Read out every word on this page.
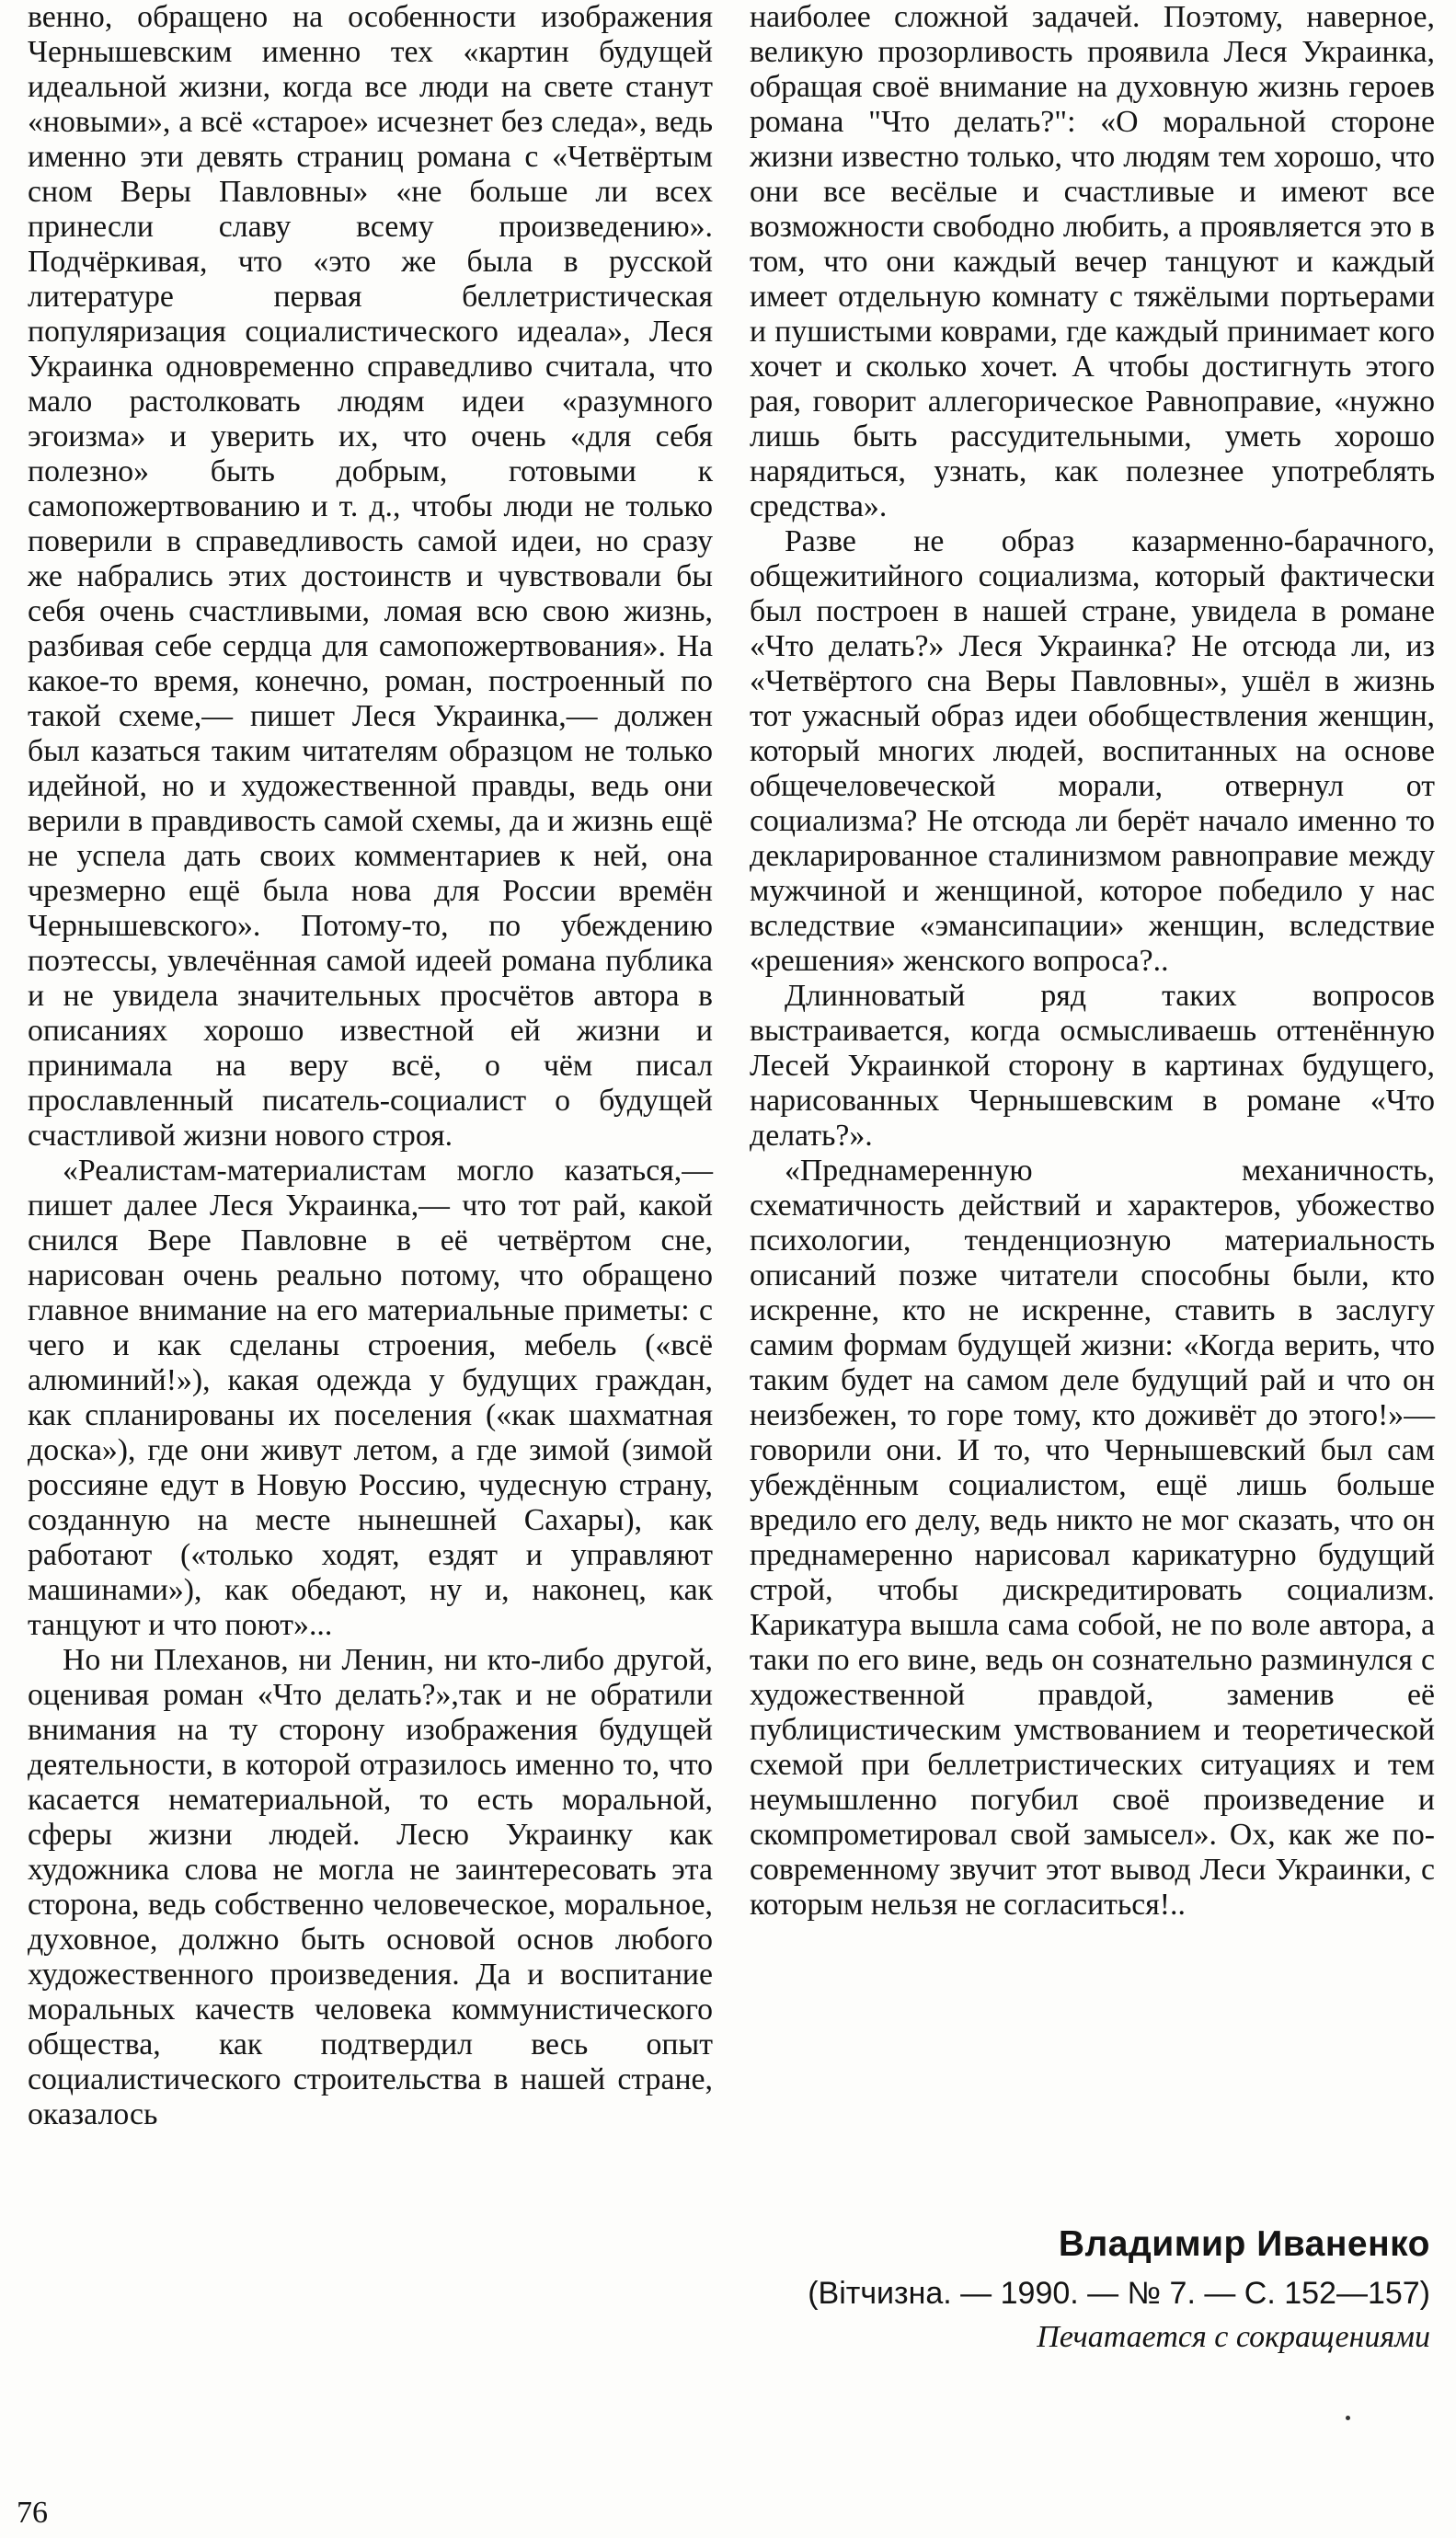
венно, обращено на особенности изображения Чернышевским именно тех «картин будущей идеальной жизни, когда все люди на свете станут «новыми», а всё «старое» исчезнет без следа», ведь именно эти девять страниц романа с «Четвёртым сном Веры Павловны» «не больше ли всех принесли славу всему произведению». Подчёркивая, что «это же была в русской литературе первая беллетристическая популяризация социалистического идеала», Леся Украинка одновременно справедливо считала, что мало растолковать людям идеи «разумного эгоизма» и уверить их, что очень «для себя полезно» быть добрым, готовыми к самопожертвованию и т. д., чтобы люди не только поверили в справедливость самой идеи, но сразу же набрались этих достоинств и чувствовали бы себя очень счастливыми, ломая всю свою жизнь, разбивая себе сердца для самопожертвования». На какое-то время, конечно, роман, построенный по такой схеме,— пишет Леся Украинка,— должен был казаться таким читателям образцом не только идейной, но и художественной правды, ведь они верили в правдивость самой схемы, да и жизнь ещё не успела дать своих комментариев к ней, она чрезмерно ещё была нова для России времён Чернышевского». Потому-то, по убеждению поэтессы, увлечённая самой идеей романа публика и не увидела значительных просчётов автора в описаниях хорошо известной ей жизни и принимала на веру всё, о чём писал прославленный писатель-социалист о будущей счастливой жизни нового строя.

«Реалистам-материалистам могло казаться,— пишет далее Леся Украинка,— что тот рай, какой снился Вере Павловне в её четвёртом сне, нарисован очень реально потому, что обращено главное внимание на его материальные приметы: с чего и как сделаны строения, мебель («всё алюминий!»), какая одежда у будущих граждан, как спланированы их поселения («как шахматная доска»), где они живут летом, а где зимой (зимой россияне едут в Новую Россию, чудесную страну, созданную на месте нынешней Сахары), как работают («только ходят, ездят и управляют машинами»), как обедают, ну и, наконец, как танцуют и что поют»...

Но ни Плеханов, ни Ленин, ни кто-либо другой, оценивая роман «Что делать?»,так и не обратили внимания на ту сторону изображения будущей деятельности, в которой отразилось именно то, что касается нематериальной, то есть моральной, сферы жизни людей. Лесю Украинку как художника слова не могла не заинтересовать эта сторона, ведь собственно человеческое, моральное, духовное, должно быть основой основ любого художественного произведения. Да и воспитание моральных качеств человека коммунистического общества, как подтвердил весь опыт социалистического строительства в нашей стране, оказалось

наиболее сложной задачей. Поэтому, наверное, великую прозорливость проявила Леся Украинка, обращая своё внимание на духовную жизнь героев романа "Что делать?": «О моральной стороне жизни известно только, что людям тем хорошо, что они все весёлые и счастливые и имеют все возможности свободно любить, а проявляется это в том, что они каждый вечер танцуют и каждый имеет отдельную комнату с тяжёлыми портьерами и пушистыми коврами, где каждый принимает кого хочет и сколько хочет. А чтобы достигнуть этого рая, говорит аллегорическое Равноправие, «нужно лишь быть рассудительными, уметь хорошо нарядиться, узнать, как полезнее употреблять средства».

Разве не образ казарменно-барачного, общежитийного социализма, который фактически был построен в нашей стране, увидела в романе «Что делать?» Леся Украинка? Не отсюда ли, из «Четвёртого сна Веры Павловны», ушёл в жизнь тот ужасный образ идеи обобществления женщин, который многих людей, воспитанных на основе общечеловеческой морали, отвернул от социализма? Не отсюда ли берёт начало именно то декларированное сталинизмом равноправие между мужчиной и женщиной, которое победило у нас вследствие «эмансипации» женщин, вследствие «решения» женского вопроса?..

Длинноватый ряд таких вопросов выстраивается, когда осмысливаешь оттенённую Лесей Украинкой сторону в картинах будущего, нарисованных Чернышевским в романе «Что делать?».

«Преднамеренную механичность, схематичность действий и характеров, убожество психологии, тенденциозную материальность описаний позже читатели способны были, кто искренне, кто не искренне, ставить в заслугу самим формам будущей жизни: «Когда верить, что таким будет на самом деле будущий рай и что он неизбежен, то горе тому, кто доживёт до этого!»— говорили они. И то, что Чернышевский был сам убеждённым социалистом, ещё лишь больше вредило его делу, ведь никто не мог сказать, что он преднамеренно нарисовал карикатурно будущий строй, чтобы дискредитировать социализм. Карикатура вышла сама собой, не по воле автора, а таки по его вине, ведь он сознательно разминулся с художественной правдой, заменив её публицистическим умствованием и теоретической схемой при беллетристических ситуациях и тем неумышленно погубил своё произведение и скомпрометировал свой замысел». Ох, как же по-современному звучит этот вывод Леси Украинки, с которым нельзя не согласиться!..

Владимир Иваненко
(Вітчизна. — 1990. — № 7. — С. 152—157)
Печатается с сокращениями
76
